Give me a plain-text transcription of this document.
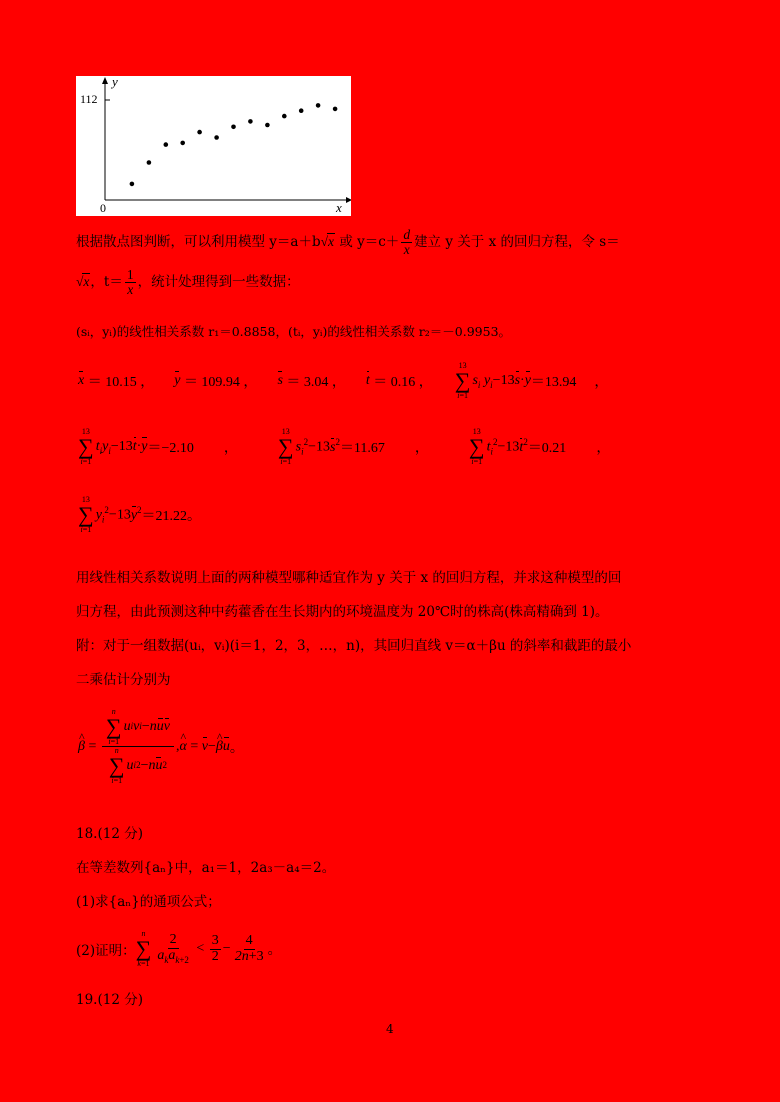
112
0	x
y
根据散点图判断，可以利用模型 y＝a＋b√x 或 $y=c+ \frac{d}{x}$ 建立 y 关于 x 的回归方程，令 s＝
√x，$t= \frac{1}{x}$ ，统计处理得到一些数据：
(sᵢ，yᵢ)的线性相关系数 r₁＝0.8858，(tᵢ，yᵢ)的线性相关系数 r₂＝－0.9953。
x
＝ 10.15 ， y
＝ 109.94 ， s
＝ 3.04 ， t
＝ 0.16 ，
13
∑
i=1
$s_i$ $y_i-13s\cdot y =13.94$ ，
13
∑
i=1
$t_iy_i-13t\cdot y =-2.10$ ，
13
∑
i=1
$s_i^2-13s^2 =11.67$ ，
13
∑
i=1
$t_i^2-13t^2 =0.21$ ，
13
∑
i=1
$y_i^2-13y^2 =21.22$ 。
用线性相关系数说明上面的两种模型哪种适宜作为 y 关于 x 的回归方程，并求这种模型的回
归方程，由此预测这种中药藿香在生长期内的环境温度为 20℃时的株高(株高精确到 1)。
附：对于一组数据(uᵢ，vᵢ)(i＝1，2，3，…，n)，其回归直线 v＝α＋βu 的斜率和截距的最小
二乘估计分别为
^ β = n
∑
i=1
u i v i − n u v
n
∑
i=1
u i 2 − n u 2 , ^ α = v − ^ β u 。
18.(12 分)
在等差数列{aₙ}中，a₁＝1，2a₃－a₄＝2。
(1)求{aₙ}的通项公式；
(2)证明：
n
∑
$k=1 \frac{2}{a_ka_{k+2}} < \frac{3}{2} - \frac{4}{2n+3}$ 。
19.(12 分)
4
